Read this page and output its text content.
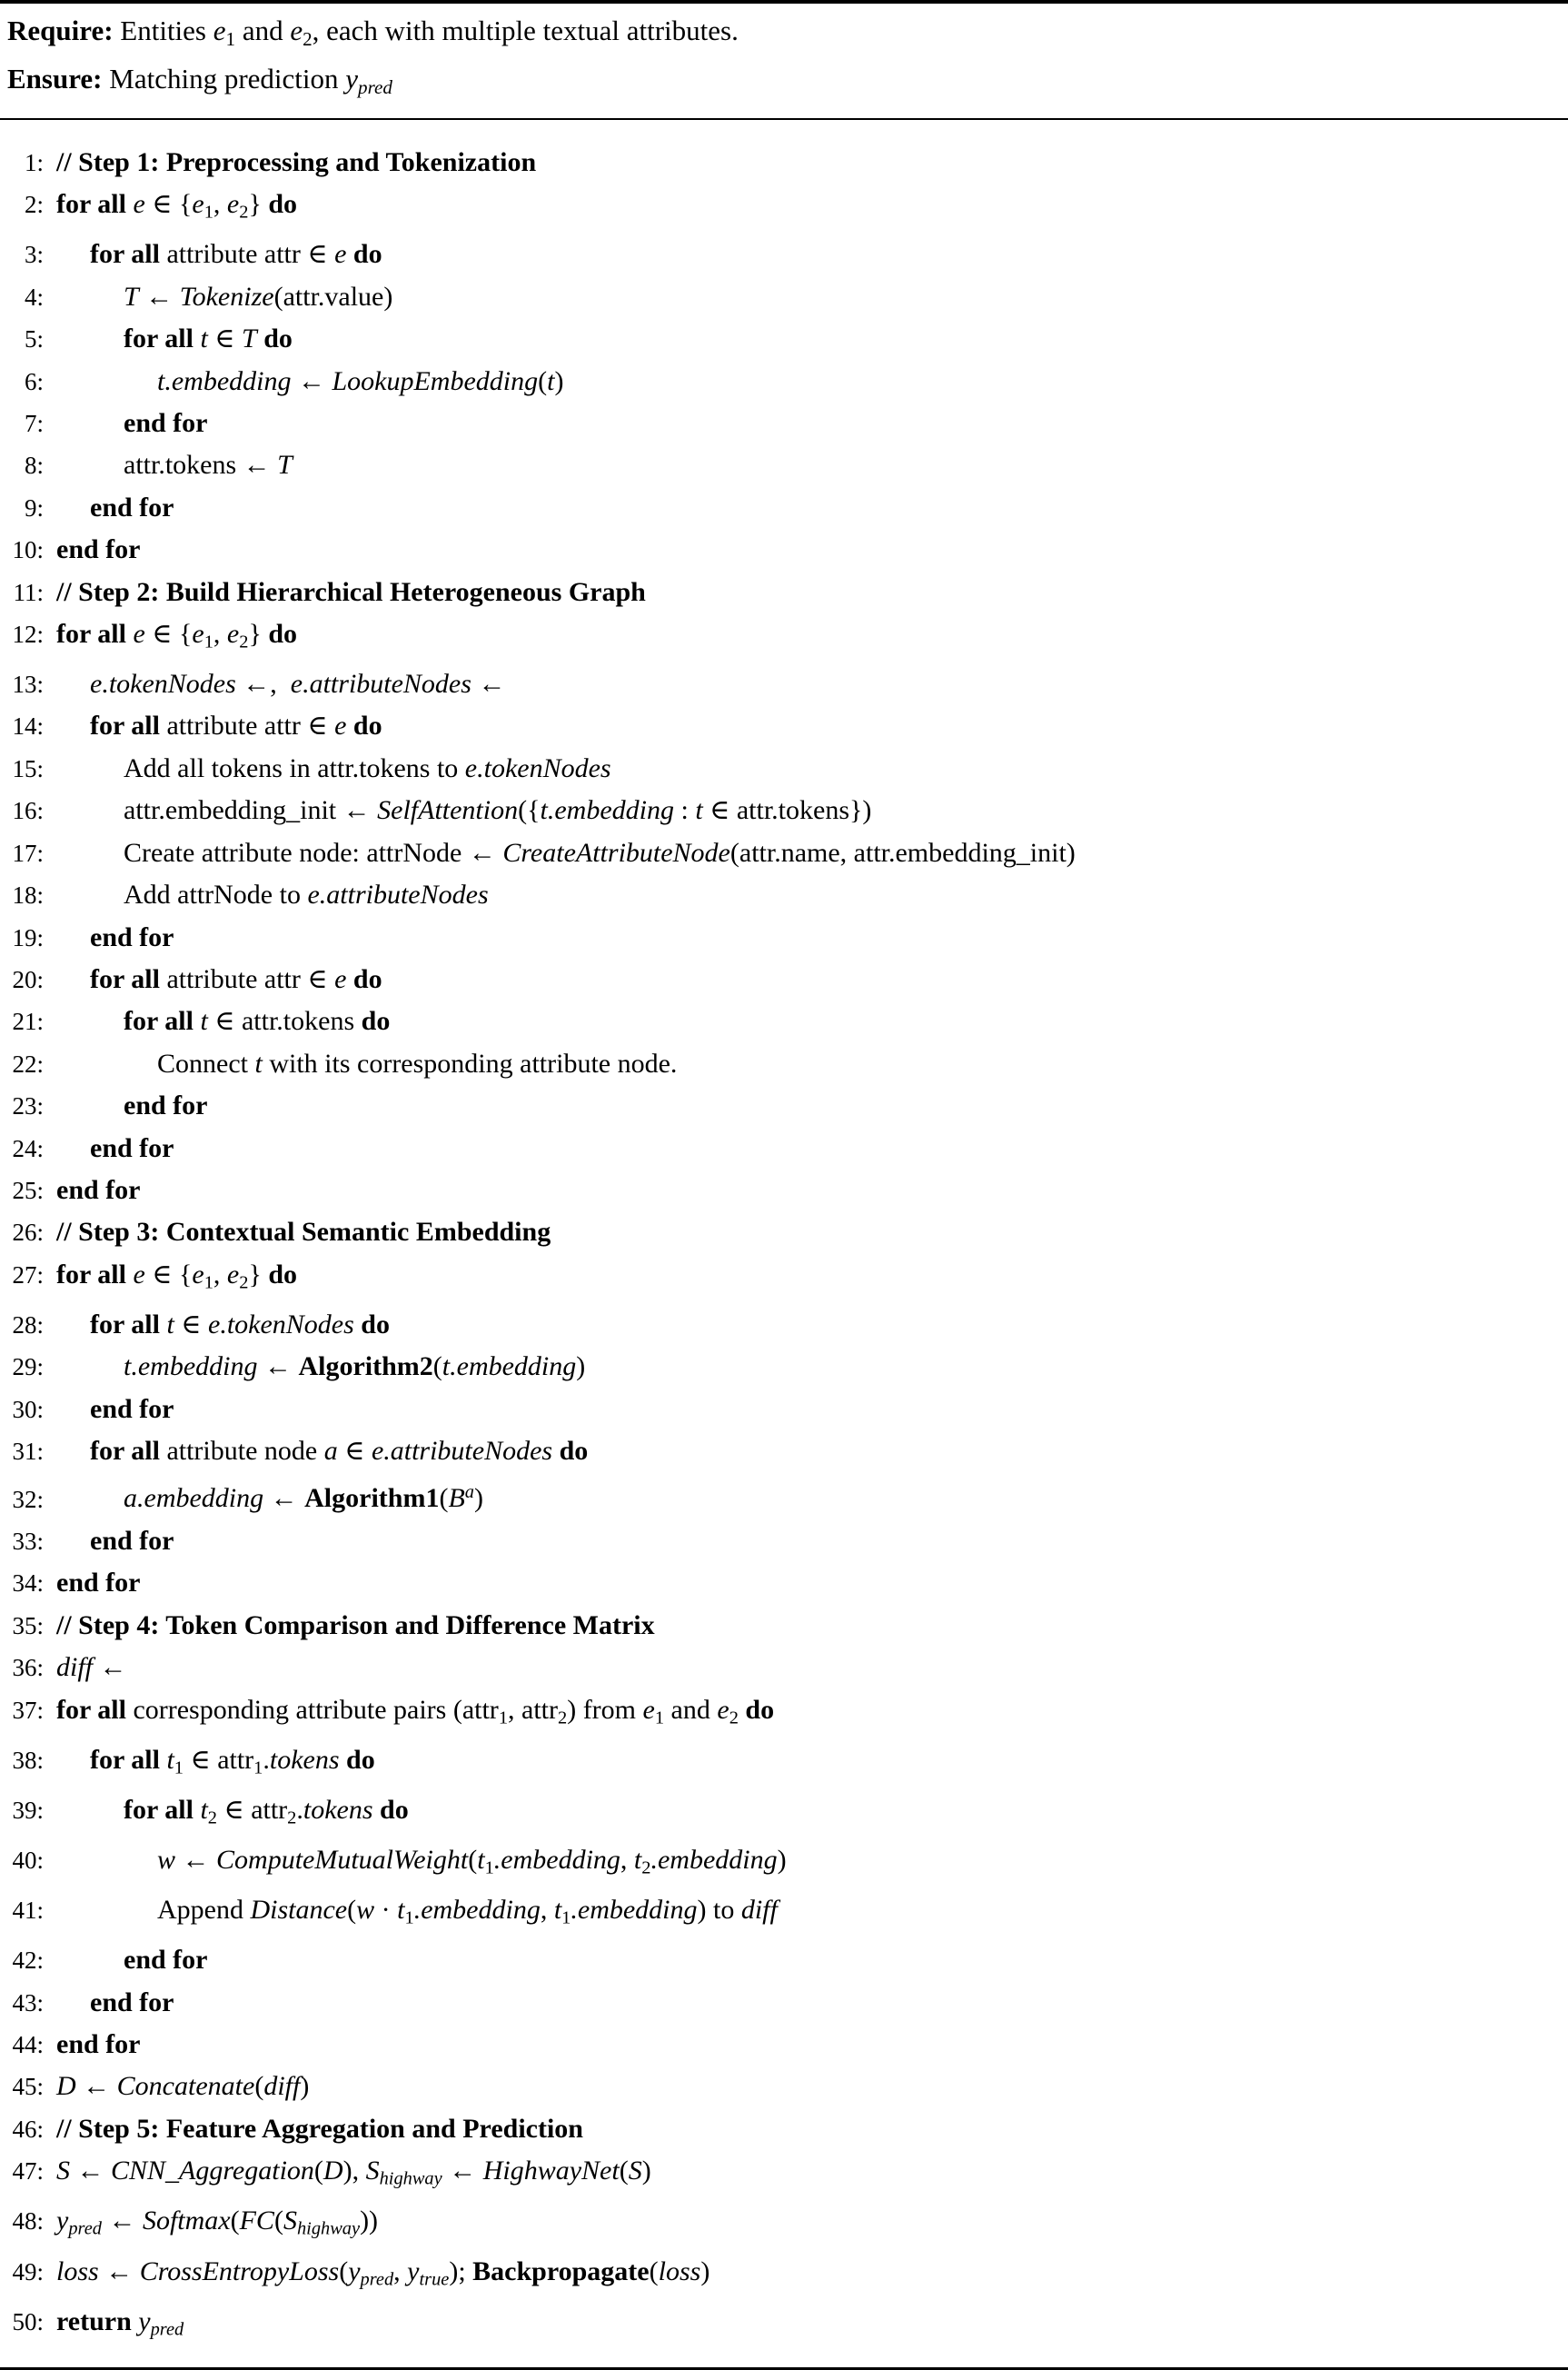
Require: Entities e1 and e2, each with multiple textual attributes.
Ensure: Matching prediction ypred
1: // Step 1: Preprocessing and Tokenization
2: for all e ∈ {e1, e2} do
3:	for all attribute attr ∈ e do
4:	T ← Tokenize(attr.value)
5:	for all t ∈ T do
6:	t.embedding ← LookupEmbedding(t)
7:	end for
8:	attr.tokens ← T
9:	end for
10: end for
11: // Step 2: Build Hierarchical Heterogeneous Graph
12: for all e ∈ {e1, e2} do
13:	e.tokenNodes ←,  e.attributeNodes ←
14:	for all attribute attr ∈ e do
15:	Add all tokens in attr.tokens to e.tokenNodes
16:	attr.embedding_init ← SelfAttention({t.embedding : t ∈ attr.tokens})
17:	Create attribute node: attrNode ← CreateAttributeNode(attr.name, attr.embedding_init)
18:	Add attrNode to e.attributeNodes
19:	end for
20:	for all attribute attr ∈ e do
21:	for all t ∈ attr.tokens do
22:	Connect t with its corresponding attribute node.
23:	end for
24:	end for
25: end for
26: // Step 3: Contextual Semantic Embedding
27: for all e ∈ {e1, e2} do
28:	for all t ∈ e.tokenNodes do
29:	t.embedding ← Algorithm2(t.embedding)
30:	end for
31:	for all attribute node a ∈ e.attributeNodes do
32:	a.embedding ← $Algorithm1(B^a)$
33:	end for
34: end for
35: // Step 4: Token Comparison and Difference Matrix
36: diff ←
37: for all corresponding attribute pairs (attr1, attr2) from e1 and e2 do
38:	for all t1 ∈ attr1.tokens do
39:	for all t2 ∈ attr2.tokens do
40:	w ← ComputeMutualWeight(t1.embedding, t2.embedding)
41:	Append Distance(w · t1.embedding, t1.embedding) to diff
42:	end for
43:	end for
44: end for
45: D ← Concatenate(diff)
46: // Step 5: Feature Aggregation and Prediction
47: S ← CNN_Aggregation(D), Shighway ← HighwayNet(S)
48: ypred ← Softmax(FC(Shighway))
49: loss ← CrossEntropyLoss(ypred, ytrue); Backpropagate(loss)
50: return ypred
